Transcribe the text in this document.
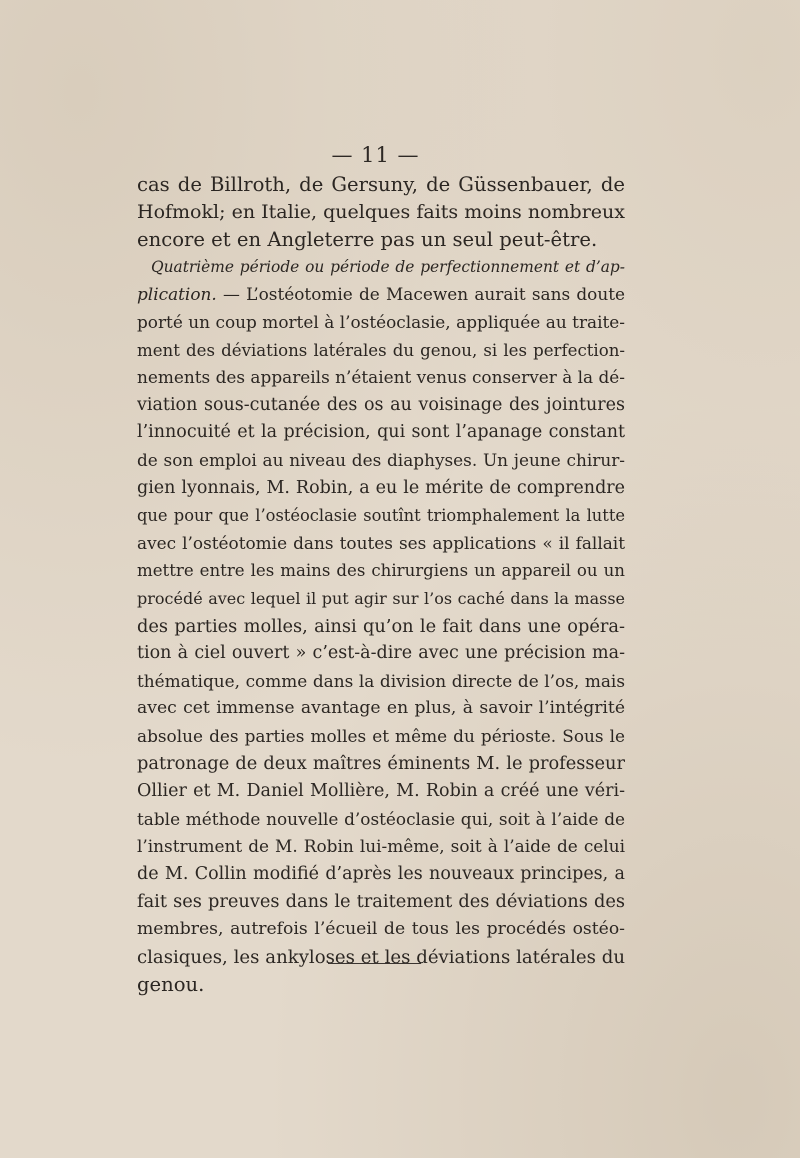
— 11 —
cas de Billroth, de Gersuny, de Güssenbauer, de
Hofmokl; en Italie, quelques faits moins nombreux
encore et en Angleterre pas un seul peut-être.
Quatrième période ou période de perfectionnement et d’ap-
plication. — L’ostéotomie de Macewen aurait sans doute
porté un coup mortel à l’ostéoclasie, appliquée au traite-
ment des déviations latérales du genou, si les perfection-
nements des appareils n’étaient venus conserver à la dé-
viation sous-cutanée des os au voisinage des jointures
l’innocuité et la précision, qui sont l’apanage constant
de son emploi au niveau des diaphyses. Un jeune chirur-
gien lyonnais, M. Robin, a eu le mérite de comprendre
que pour que l’ostéoclasie soutînt triomphalement la lutte
avec l’ostéotomie dans toutes ses applications « il fallait
mettre entre les mains des chirurgiens un appareil ou un
procédé avec lequel il put agir sur l’os caché dans la masse
des parties molles, ainsi qu’on le fait dans une opéra-
tion à ciel ouvert » c’est-à-dire avec une précision ma-
thématique, comme dans la division directe de l’os, mais
avec cet immense avantage en plus, à savoir l’intégrité
absolue des parties molles et même du périoste. Sous le
patronage de deux maîtres éminents M. le professeur
Ollier et M. Daniel Mollière, M. Robin a créé une véri-
table méthode nouvelle d’ostéoclasie qui, soit à l’aide de
l’instrument de M. Robin lui-même, soit à l’aide de celui
de M. Collin modifié d’après les nouveaux principes, a
fait ses preuves dans le traitement des déviations des
membres, autrefois l’écueil de tous les procédés ostéo-
clasiques, les ankyloses et les déviations latérales du
genou.
